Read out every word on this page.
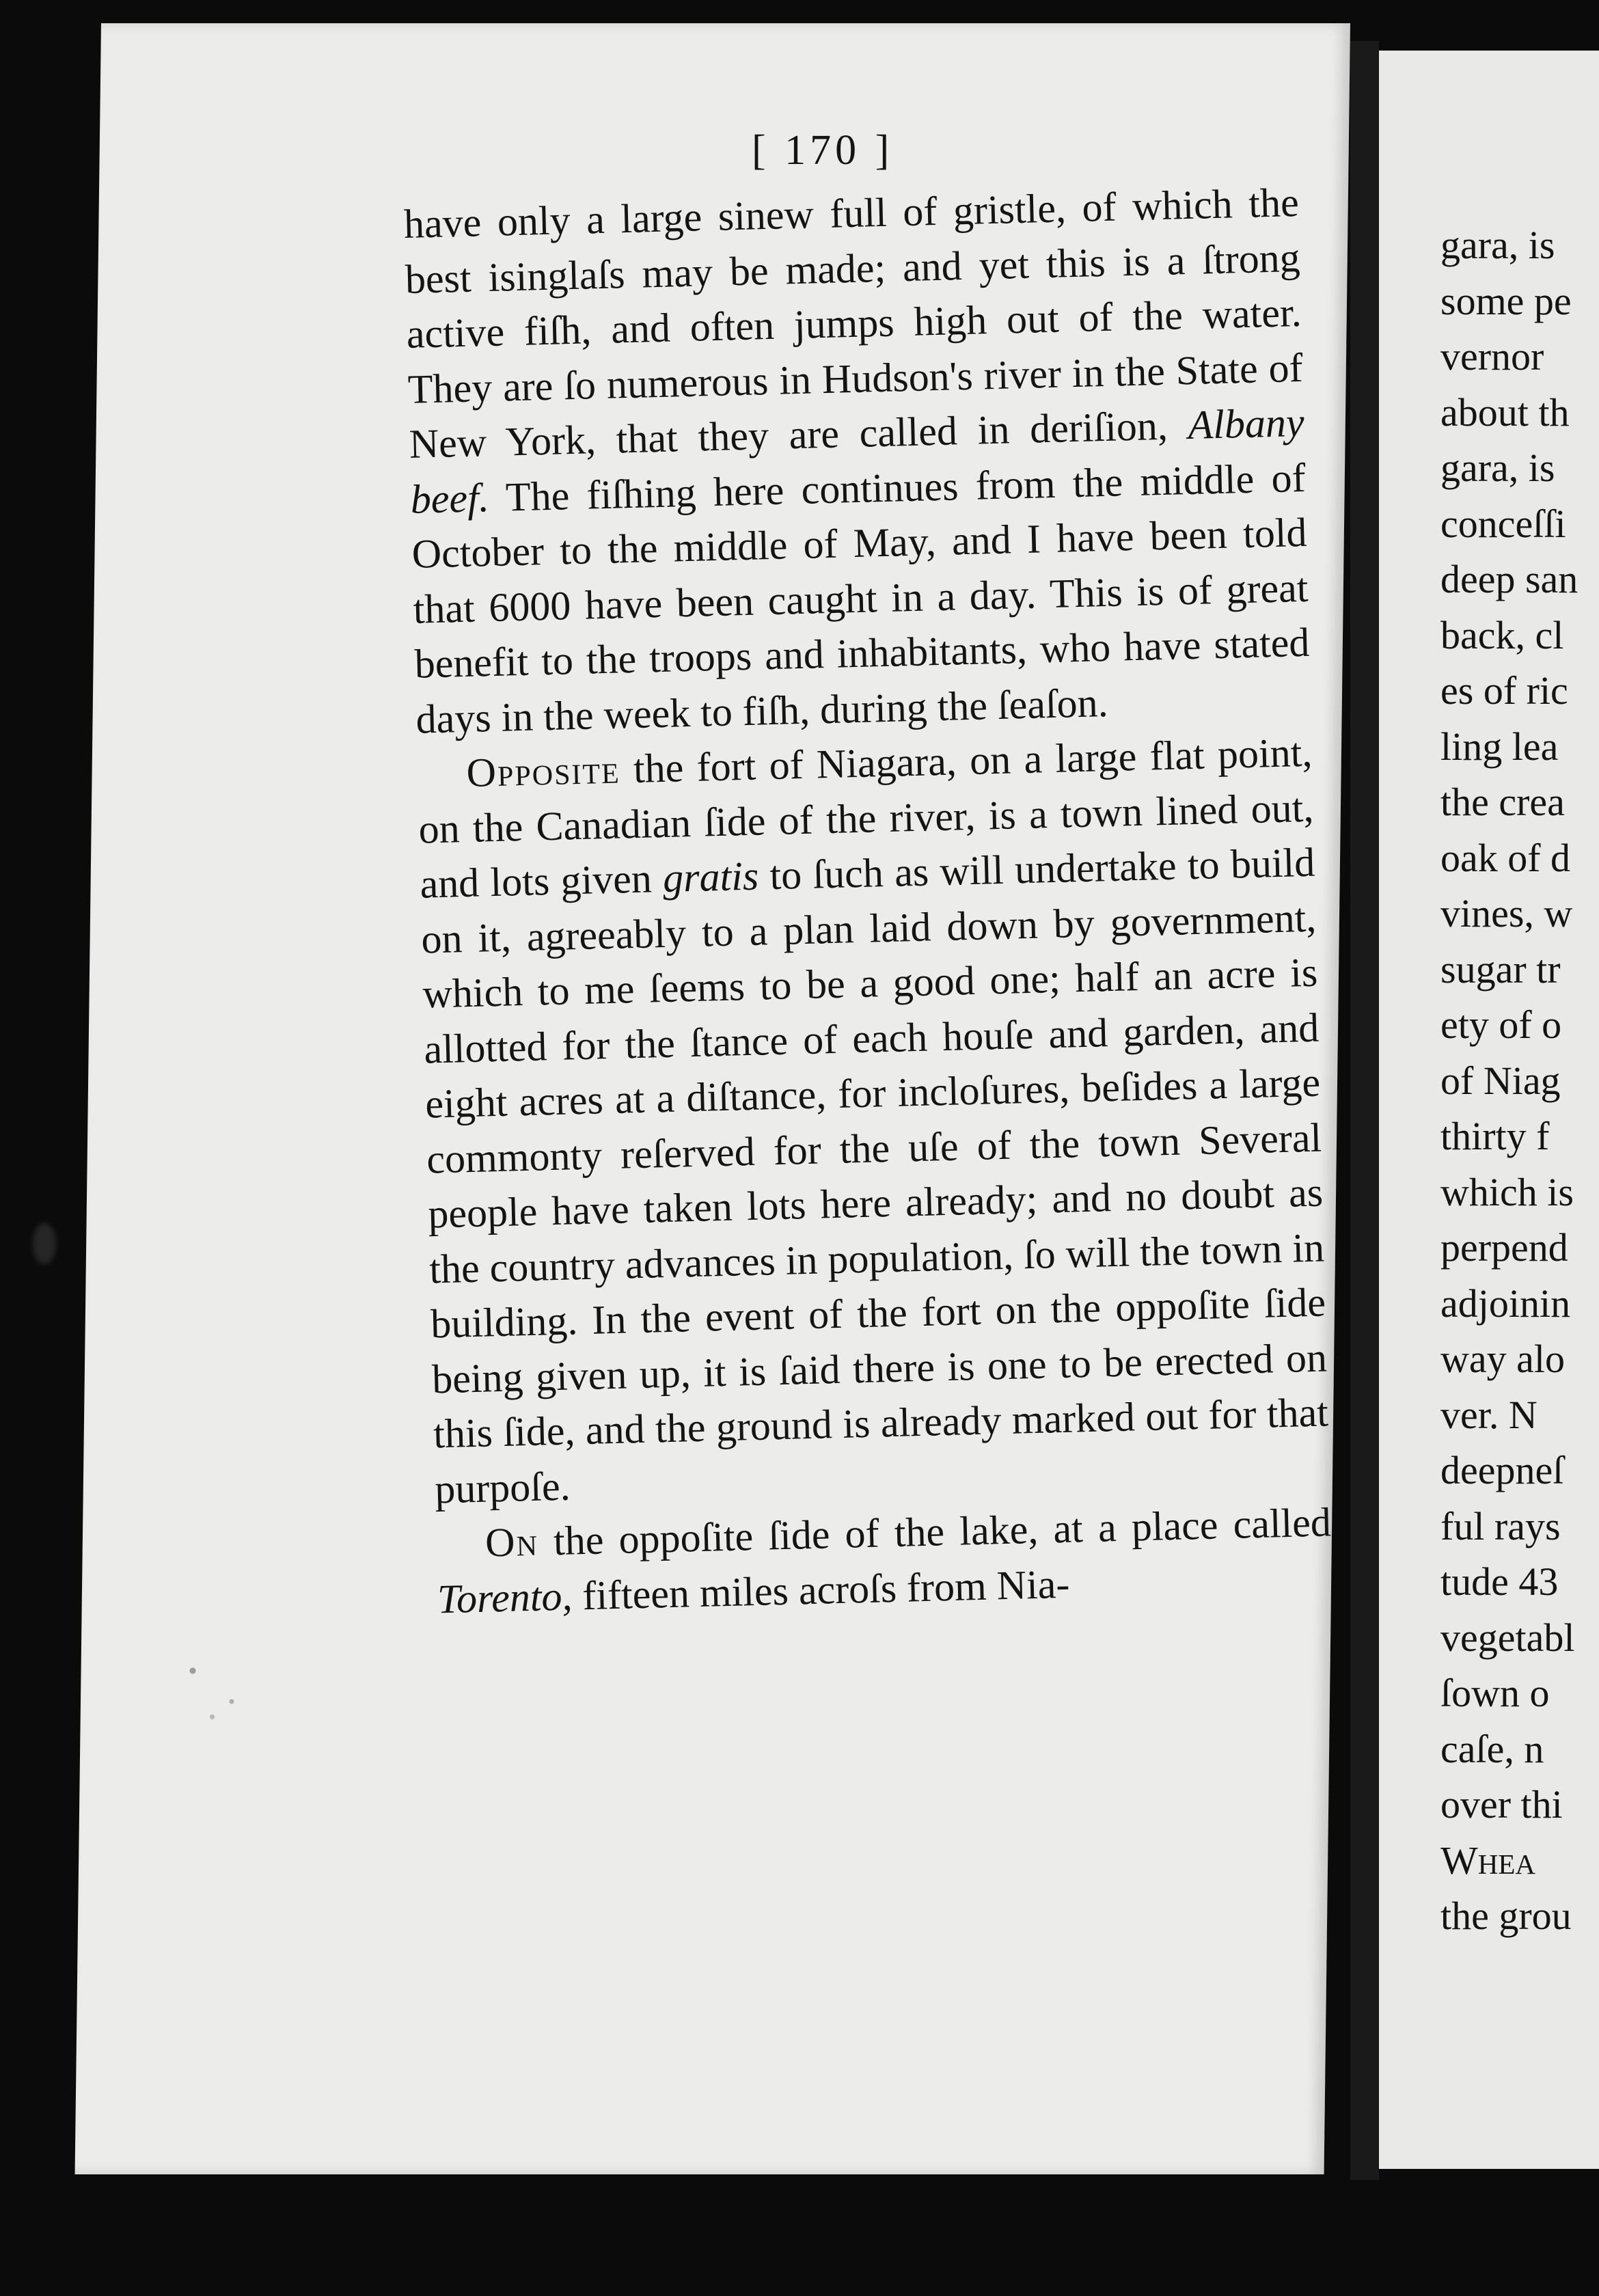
[ 170 ]

have only a large sinew full of gristle, of which the best isinglaſs may be made; and yet this is a ſtrong active fiſh, and often jumps high out of the water. They are ſo numerous in Hudson's river in the State of New York, that they are called in deriſion, Albany beef. The fiſhing here continues from the middle of October to the middle of May, and I have been told that 6000 have been caught in a day. This is of great benefit to the troops and inhabitants, who have stated days in the week to fiſh, during the ſeaſon.

Opposite the fort of Niagara, on a large flat point, on the Canadian ſide of the river, is a town lined out, and lots given gratis to ſuch as will undertake to build on it, agreeably to a plan laid down by government, which to me ſeems to be a good one; half an acre is allotted for the ſtance of each houſe and garden, and eight acres at a diſtance, for incloſures, beſides a large commonty reſerved for the uſe of the town Several people have taken lots here already; and no doubt as the country advances in population, ſo will the town in building. In the event of the fort on the oppoſite ſide being given up, it is ſaid there is one to be erected on this ſide, and the ground is already marked out for that purpoſe.

On the oppoſite ſide of the lake, at a place called Torento, fifteen miles acroſs from Nia-

gara, is
some pe
vernor
about th
gara, is
conceſſi
deep san
back, cl
es of ric
ling lea
the crea
oak of d
vines, w
sugar tr
ety of o
of Niag
thirty f
which is
perpend
adjoinin
way alo
ver. N
deepneſ
ful rays
tude 43
vegetabl
ſown o
caſe, n
over thi
Whea
the grou
